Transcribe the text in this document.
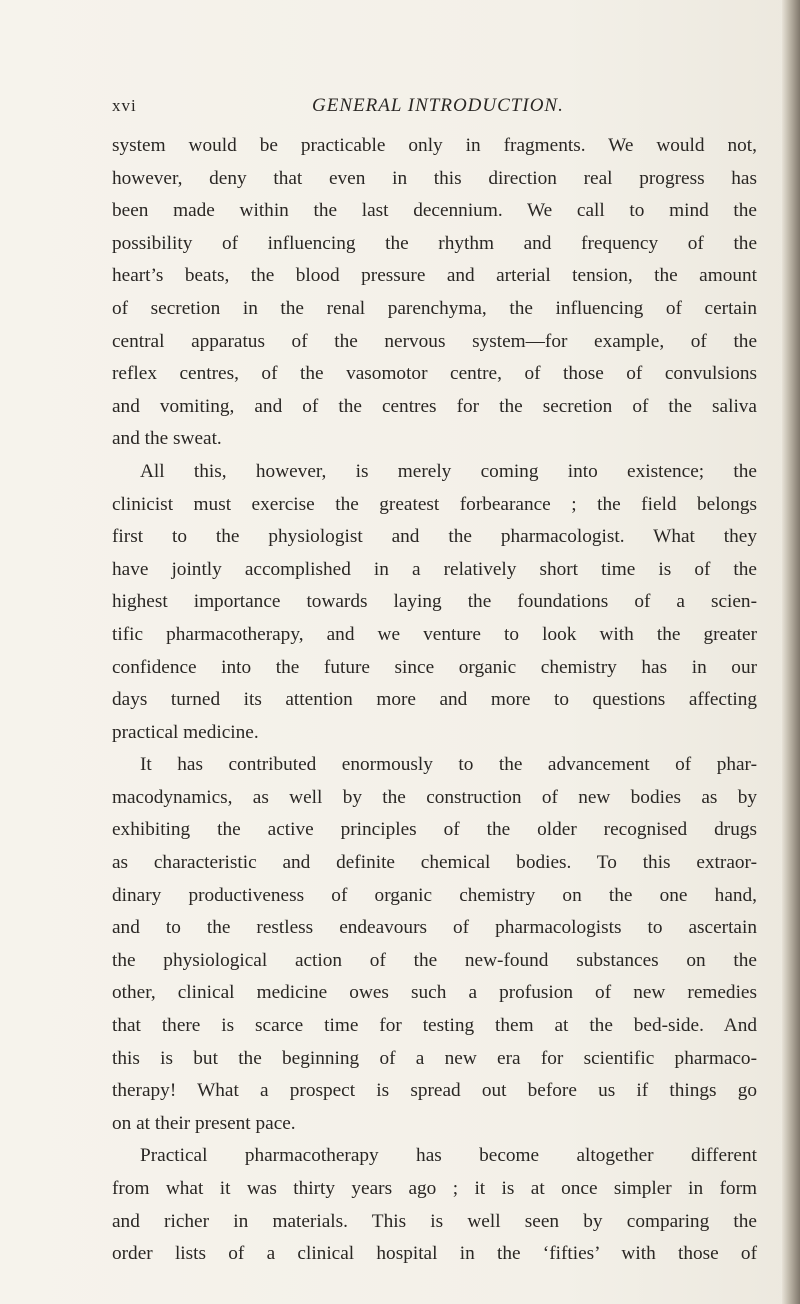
xvi	GENERAL INTRODUCTION.
system would be practicable only in fragments. We would not,
however, deny that even in this direction real progress has
been made within the last decennium. We call to mind the
possibility of influencing the rhythm and frequency of the
heart’s beats, the blood pressure and arterial tension, the amount
of secretion in the renal parenchyma, the influencing of certain
central apparatus of the nervous system—for example, of the
reflex centres, of the vasomotor centre, of those of convulsions
and vomiting, and of the centres for the secretion of the saliva
and the sweat.
All this, however, is merely coming into existence; the
clinicist must exercise the greatest forbearance ; the field belongs
first to the physiologist and the pharmacologist. What they
have jointly accomplished in a relatively short time is of the
highest importance towards laying the foundations of a scien-
tific pharmacotherapy, and we venture to look with the greater
confidence into the future since organic chemistry has in our
days turned its attention more and more to questions affecting
practical medicine.
It has contributed enormously to the advancement of phar-
macodynamics, as well by the construction of new bodies as by
exhibiting the active principles of the older recognised drugs
as characteristic and definite chemical bodies. To this extraor-
dinary productiveness of organic chemistry on the one hand,
and to the restless endeavours of pharmacologists to ascertain
the physiological action of the new-found substances on the
other, clinical medicine owes such a profusion of new remedies
that there is scarce time for testing them at the bed-side. And
this is but the beginning of a new era for scientific pharmaco-
therapy! What a prospect is spread out before us if things go
on at their present pace.
Practical pharmacotherapy has become altogether different
from what it was thirty years ago ; it is at once simpler in form
and richer in materials. This is well seen by comparing the
order lists of a clinical hospital in the ‘fifties’ with those of
